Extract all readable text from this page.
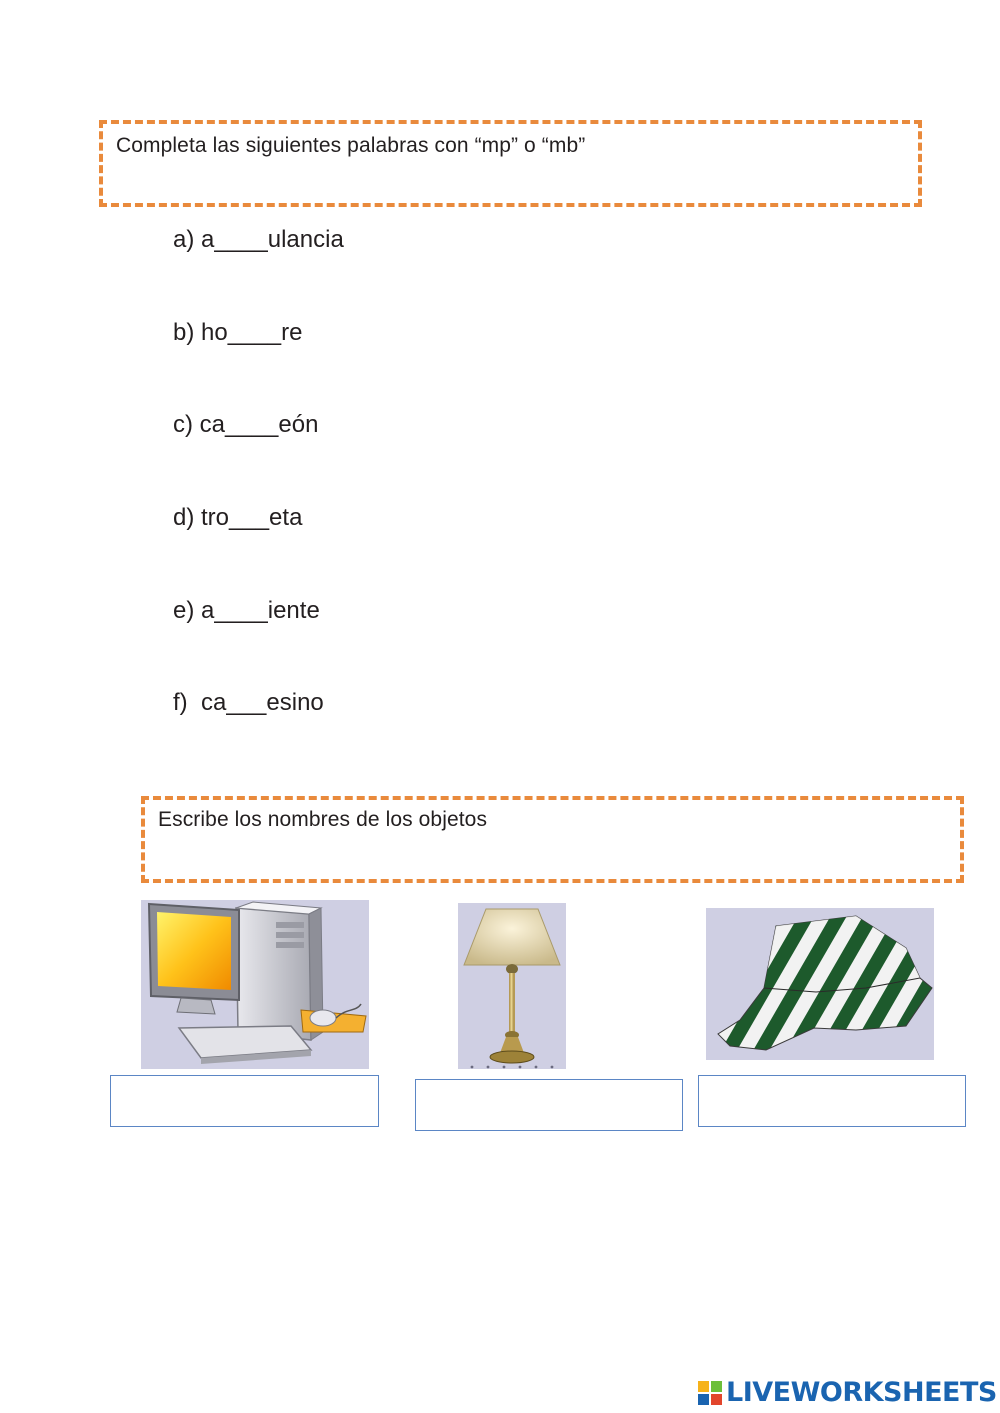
Completa las siguientes palabras con “mp” o “mb”
a) a____ulancia
b) ho____re
c) ca____eón
d) tro___eta
e) a____iente
f)  ca___esino
Escribe los nombres de los objetos
LIVEWORKSHEETS
